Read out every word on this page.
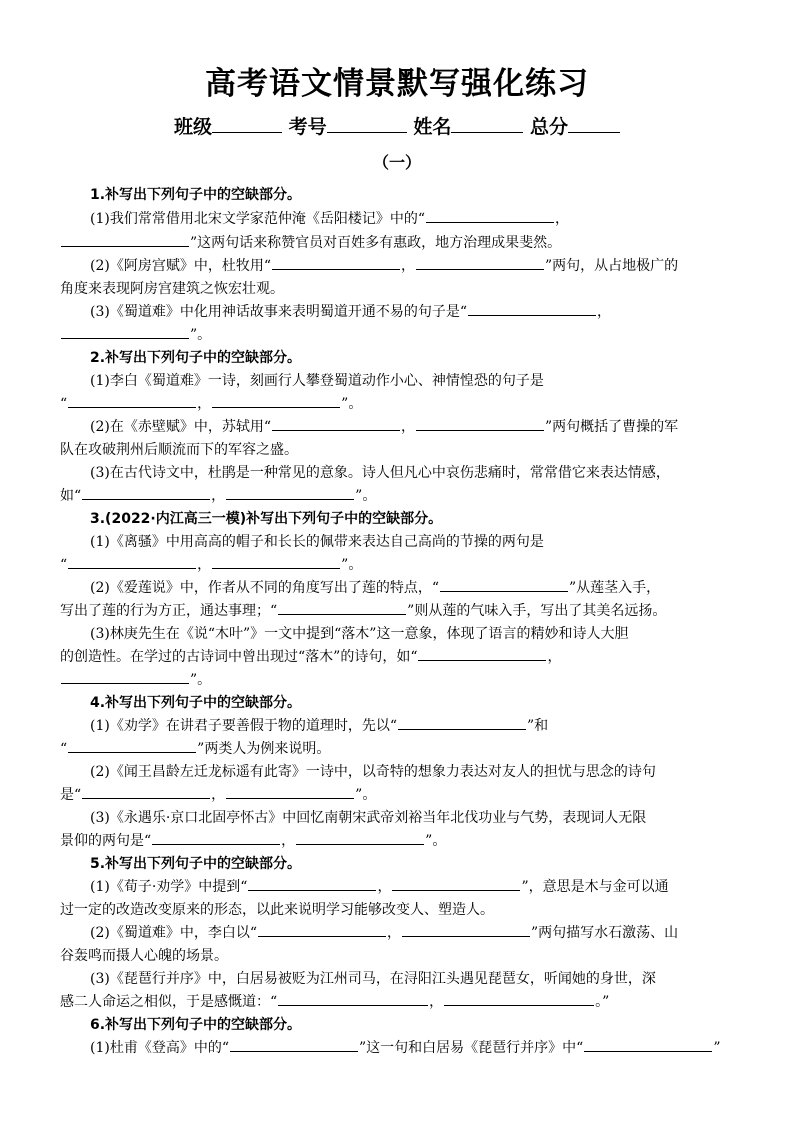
高考语文情景默写强化练习
班级	考号	姓名	总分
（一）
1.补写出下列句子中的空缺部分。
(1)我们常常借用北宋文学家范仲淹《岳阳楼记》中的“	，
”这两句话来称赞官员对百姓多有惠政，地方治理成果斐然。
(2)《阿房宫赋》中，杜牧用“	，	”两句，从占地极广的
角度来表现阿房宫建筑之恢宏壮观。
(3)《蜀道难》中化用神话故事来表明蜀道开通不易的句子是“	，
”。
2.补写出下列句子中的空缺部分。
(1)李白《蜀道难》一诗，刻画行人攀登蜀道动作小心、神情惶恐的句子是
“	，	”。
(2)在《赤壁赋》中，苏轼用“	，	”两句概括了曹操的军
队在攻破荆州后顺流而下的军容之盛。
(3)在古代诗文中，杜鹃是一种常见的意象。诗人但凡心中哀伤悲痛时，常常借它来表达情感，
如“	，	”。
3.(2022·内江高三一模)补写出下列句子中的空缺部分。
(1)《离骚》中用高高的帽子和长长的佩带来表达自己高尚的节操的两句是
“	，	”。
(2)《爱莲说》中，作者从不同的角度写出了莲的特点，“	”从莲茎入手，
写出了莲的行为方正，通达事理；“	”则从莲的气味入手，写出了其美名远扬。
(3)林庚先生在《说“木叶”》一文中提到“落木”这一意象，体现了语言的精妙和诗人大胆
的创造性。在学过的古诗词中曾出现过“落木”的诗句，如“	，
”。
4.补写出下列句子中的空缺部分。
(1)《劝学》在讲君子要善假于物的道理时，先以“	”和
“	”两类人为例来说明。
(2)《闻王昌龄左迁龙标遥有此寄》一诗中，以奇特的想象力表达对友人的担忧与思念的诗句
是“	，	”。
(3)《永遇乐·京口北固亭怀古》中回忆南朝宋武帝刘裕当年北伐功业与气势，表现词人无限
景仰的两句是“	，	”。
5.补写出下列句子中的空缺部分。
(1)《荀子·劝学》中提到“	，	”，意思是木与金可以通
过一定的改造改变原来的形态，以此来说明学习能够改变人、塑造人。
(2)《蜀道难》中，李白以“	，	”两句描写水石激荡、山
谷轰鸣而摄人心魄的场景。
(3)《琵琶行并序》中，白居易被贬为江州司马，在浔阳江头遇见琵琶女，听闻她的身世，深
感二人命运之相似，于是感慨道：“	，	。”
6.补写出下列句子中的空缺部分。
(1)杜甫《登高》中的“	”这一句和白居易《琵琶行并序》中“	”
